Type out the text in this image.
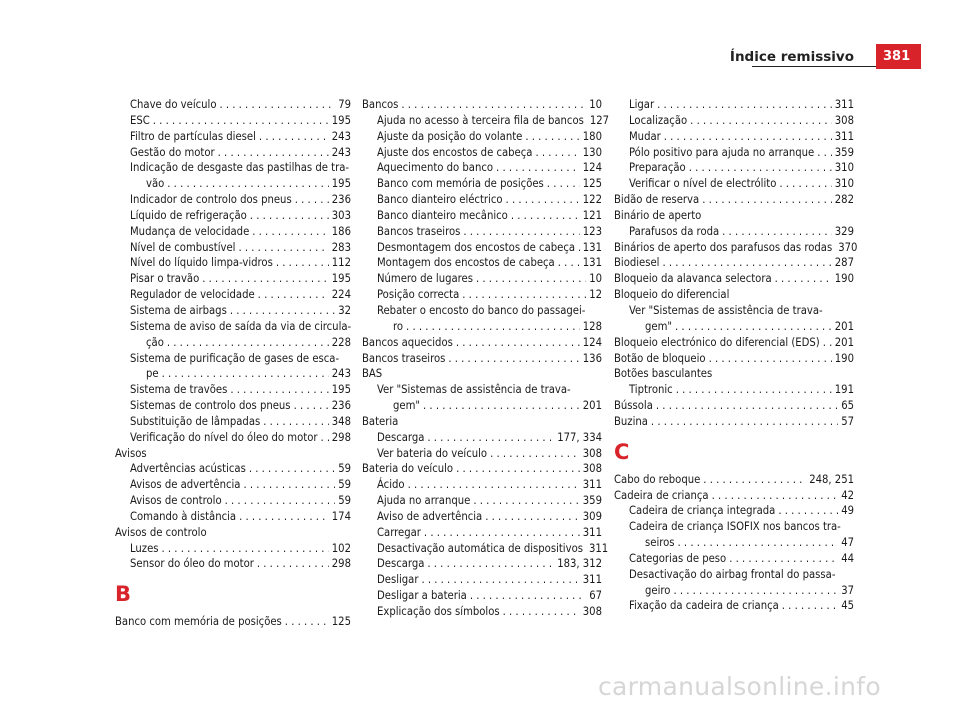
Índice remissivo	381
Chave do veículo . . .	79
ESC . . .	195
Filtro de partículas diesel . . .	243
Gestão do motor . . .	243
Indicação de desgaste das pastilhas de tra-
vão . . .	195
Indicador de controlo dos pneus . . .	236
Líquido de refrigeração . . .	303
Mudança de velocidade . . .	186
Nível de combustível . . .	283
Nível do líquido limpa-vidros . . .	112
Pisar o travão . . .	195
Regulador de velocidade . . .	224
Sistema de airbags . . .	32
Sistema de aviso de saída da via de circula-
ção . . .	228
Sistema de purificação de gases de esca-
pe . . .	243
Sistema de travões . . .	195
Sistemas de controlo dos pneus . . .	236
Substituição de lâmpadas . . .	348
Verificação do nível do óleo do motor . . . 298
Avisos
Advertências acústicas . . .	59
Avisos de advertência . . .	59
Avisos de controlo . . .	59
Comando à distância . . .	174
Avisos de controlo
Luzes . . .	102
Sensor do óleo do motor . . .	298
B
Banco com memória de posições . . .	125
Bancos . . .	10
Ajuda no acesso à terceira fila de bancos 127
Ajuste da posição do volante . . .	180
Ajuste dos encostos de cabeça . . .	130
Aquecimento do banco . . .	124
Banco com memória de posições . . .	125
Banco dianteiro eléctrico . . .	122
Banco dianteiro mecânico . . .	121
Bancos traseiros . . .	123
Desmontagem dos encostos de cabeça . . . 131
Montagem dos encostos de cabeça . . .	131
Número de lugares . . .	10
Posição correcta . . .	12
Rebater o encosto do banco do passagei-
ro . . .	128
Bancos aquecidos . . .	124
Bancos traseiros . . .	136
BAS
Ver "Sistemas de assistência de trava-
gem" . . .	201
Bateria
Descarga . . .	177, 334
Ver bateria do veículo . . .	308
Bateria do veículo . . .	308
Ácido . . .	311
Ajuda no arranque . . .	359
Aviso de advertência . . .	309
Carregar . . .	311
Desactivação automática de dispositivos 311
Descarga . . .	183, 312
Desligar . . .	311
Desligar a bateria . . .	67
Explicação dos símbolos . . .	308
Ligar . . .	311
Localização . . .	308
Mudar . . .	311
Pólo positivo para ajuda no arranque . . . 359
Preparação . . .	310
Verificar o nível de electrólito . . .	310
Bidão de reserva . . .	282
Binário de aperto
Parafusos da roda . . .	329
Binários de aperto dos parafusos das rodas 370
Biodiesel . . .	287
Bloqueio da alavanca selectora . . .	190
Bloqueio do diferencial
Ver "Sistemas de assistência de trava-
gem" . . .	201
Bloqueio electrónico do diferencial (EDS) . . . 201
Botão de bloqueio . . .	190
Botões basculantes
Tiptronic . . .	191
Bússola . . .	65
Buzina . . .	57
C
Cabo do reboque . . .	248, 251
Cadeira de criança . . .	42
Cadeira de criança integrada . . .	49
Cadeira de criança ISOFIX nos bancos tra-
seiros . . .	47
Categorias de peso . . .	44
Desactivação do airbag frontal do passa-
geiro . . .	37
Fixação da cadeira de criança . . .	45
carmanualsonline.info
